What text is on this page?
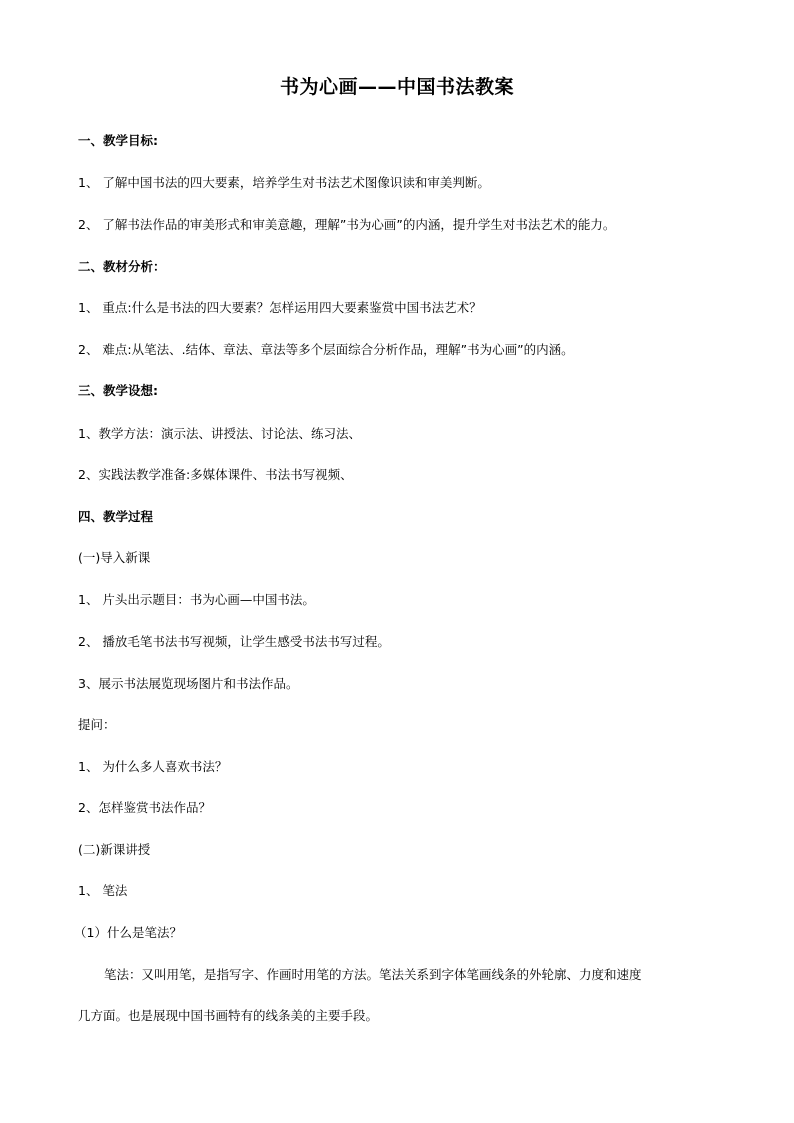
书为心画——中国书法教案
一、教学目标:
1、 了解中国书法的四大要素，培养学生对书法艺术图像识读和审美判断。
2、 了解书法作品的审美形式和审美意趣，理解”书为心画”的内涵，提升学生对书法艺术的能力。
二、教材分析：
1、 重点:什么是书法的四大要素？怎样运用四大要素鉴赏中国书法艺术？
2、 难点:从笔法、.结体、章法、章法等多个层面综合分析作品，理解”书为心画”的内涵。
三、教学设想:
1、教学方法：演示法、讲授法、讨论法、练习法、
2、实践法教学准备:多媒体课件、书法书写视频、
四、教学过程
(一)导入新课
1、 片头出示题目：书为心画—中国书法。
2、 播放毛笔书法书写视频，让学生感受书法书写过程。
3、展示书法展览现场图片和书法作品。
提问：
1、 为什么多人喜欢书法？
2、怎样鉴赏书法作品？
(二)新课讲授
1、 笔法
（1）什么是笔法？
笔法：又叫用笔，是指写字、作画时用笔的方法。笔法关系到字体笔画线条的外轮廓、力度和速度
几方面。也是展现中国书画特有的线条美的主要手段。
